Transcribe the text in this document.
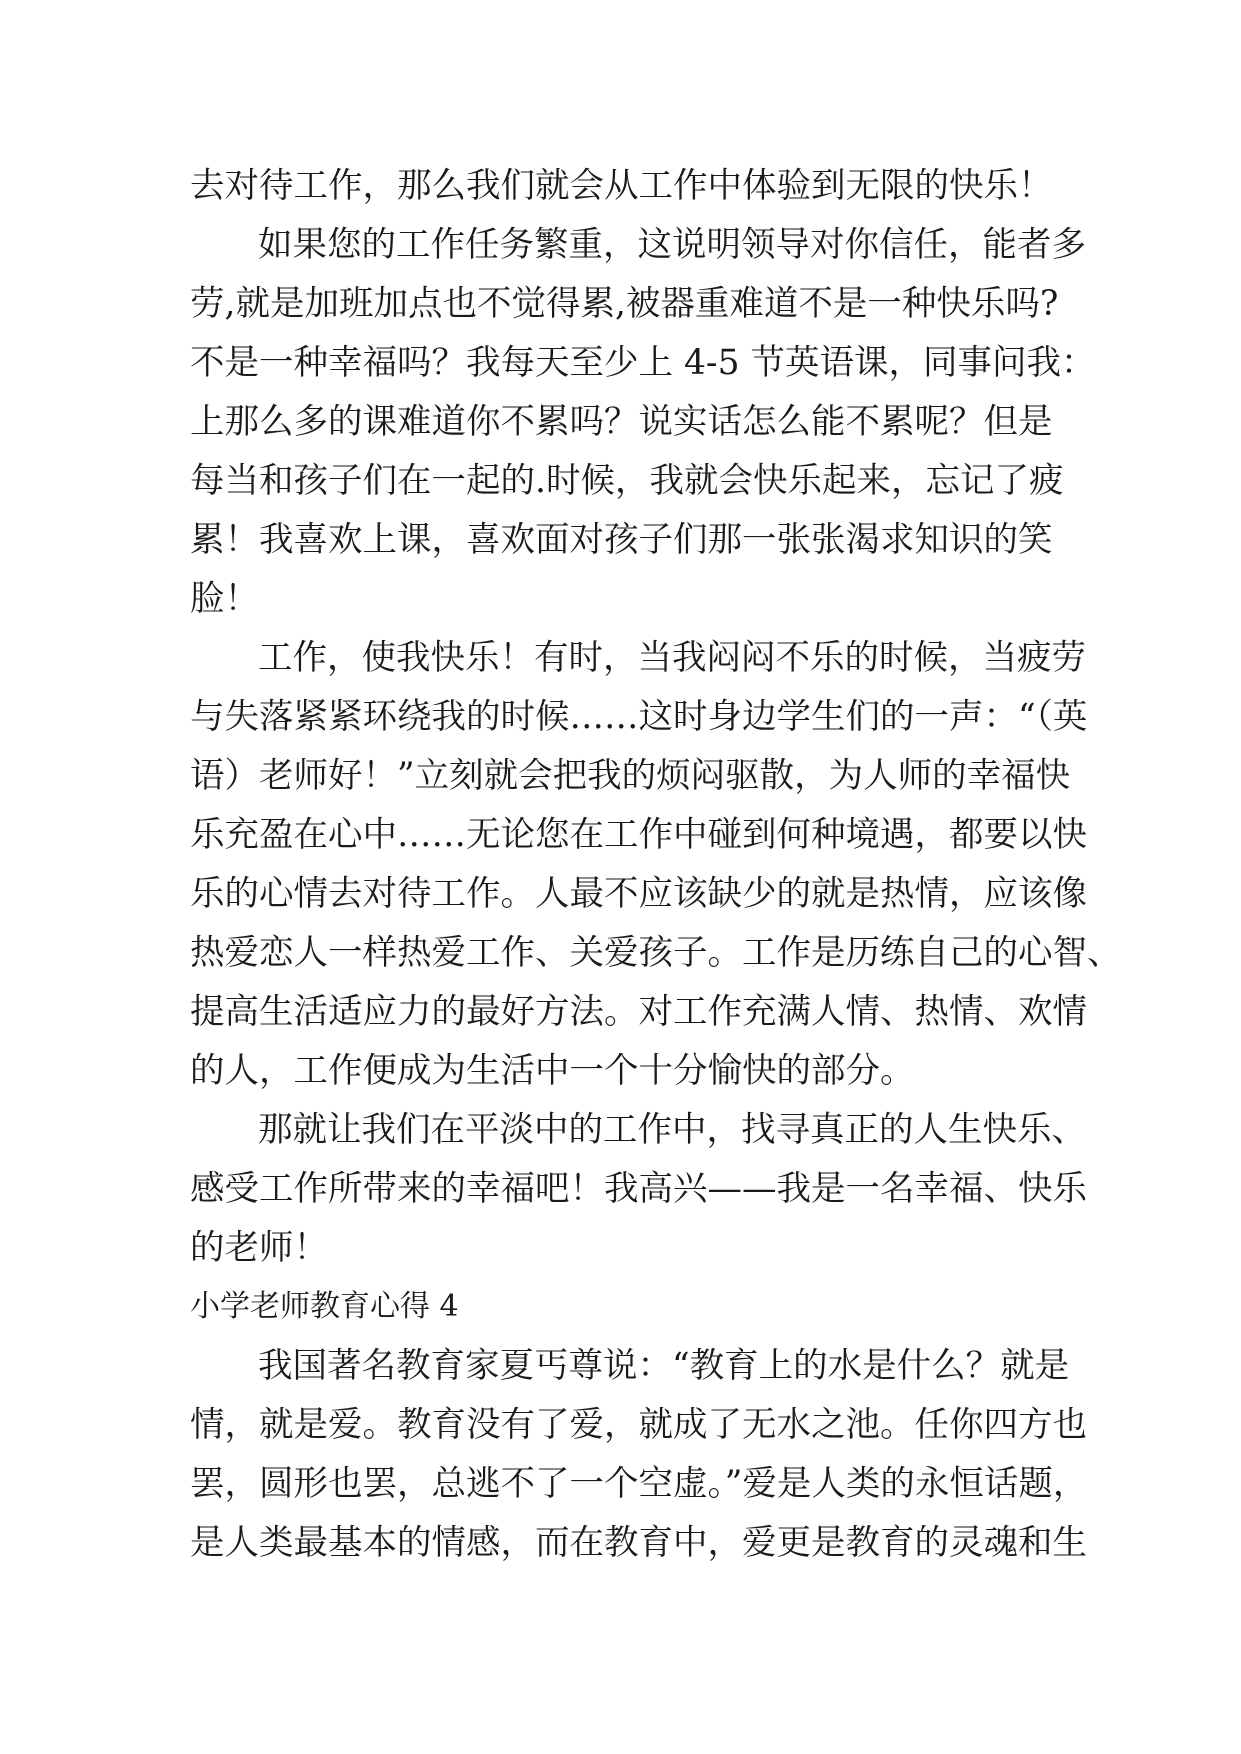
去对待工作，那么我们就会从工作中体验到无限的快乐！

如果您的工作任务繁重，这说明领导对你信任，能者多

劳,就是加班加点也不觉得累,被器重难道不是一种快乐吗?

不是一种幸福吗？我每天至少上 4-5 节英语课，同事问我：

上那么多的课难道你不累吗？说实话怎么能不累呢？但是

每当和孩子们在一起的.时候，我就会快乐起来，忘记了疲

累！我喜欢上课，喜欢面对孩子们那一张张渴求知识的笑

脸！

工作，使我快乐！有时，当我闷闷不乐的时候，当疲劳

与失落紧紧环绕我的时候……这时身边学生们的一声：“（英

语）老师好！”立刻就会把我的烦闷驱散，为人师的幸福快

乐充盈在心中……无论您在工作中碰到何种境遇，都要以快

乐的心情去对待工作。人最不应该缺少的就是热情，应该像

热爱恋人一样热爱工作、关爱孩子。工作是历练自己的心智、

提高生活适应力的最好方法。对工作充满人情、热情、欢情

的人，工作便成为生活中一个十分愉快的部分。

那就让我们在平淡中的工作中，找寻真正的人生快乐、

感受工作所带来的幸福吧！我高兴——我是一名幸福、快乐

的老师！

小学老师教育心得 4

我国著名教育家夏丐尊说：“教育上的水是什么？就是

情，就是爱。教育没有了爱，就成了无水之池。任你四方也

罢，圆形也罢，总逃不了一个空虚。”爱是人类的永恒话题，

是人类最基本的情感，而在教育中，爱更是教育的灵魂和生
